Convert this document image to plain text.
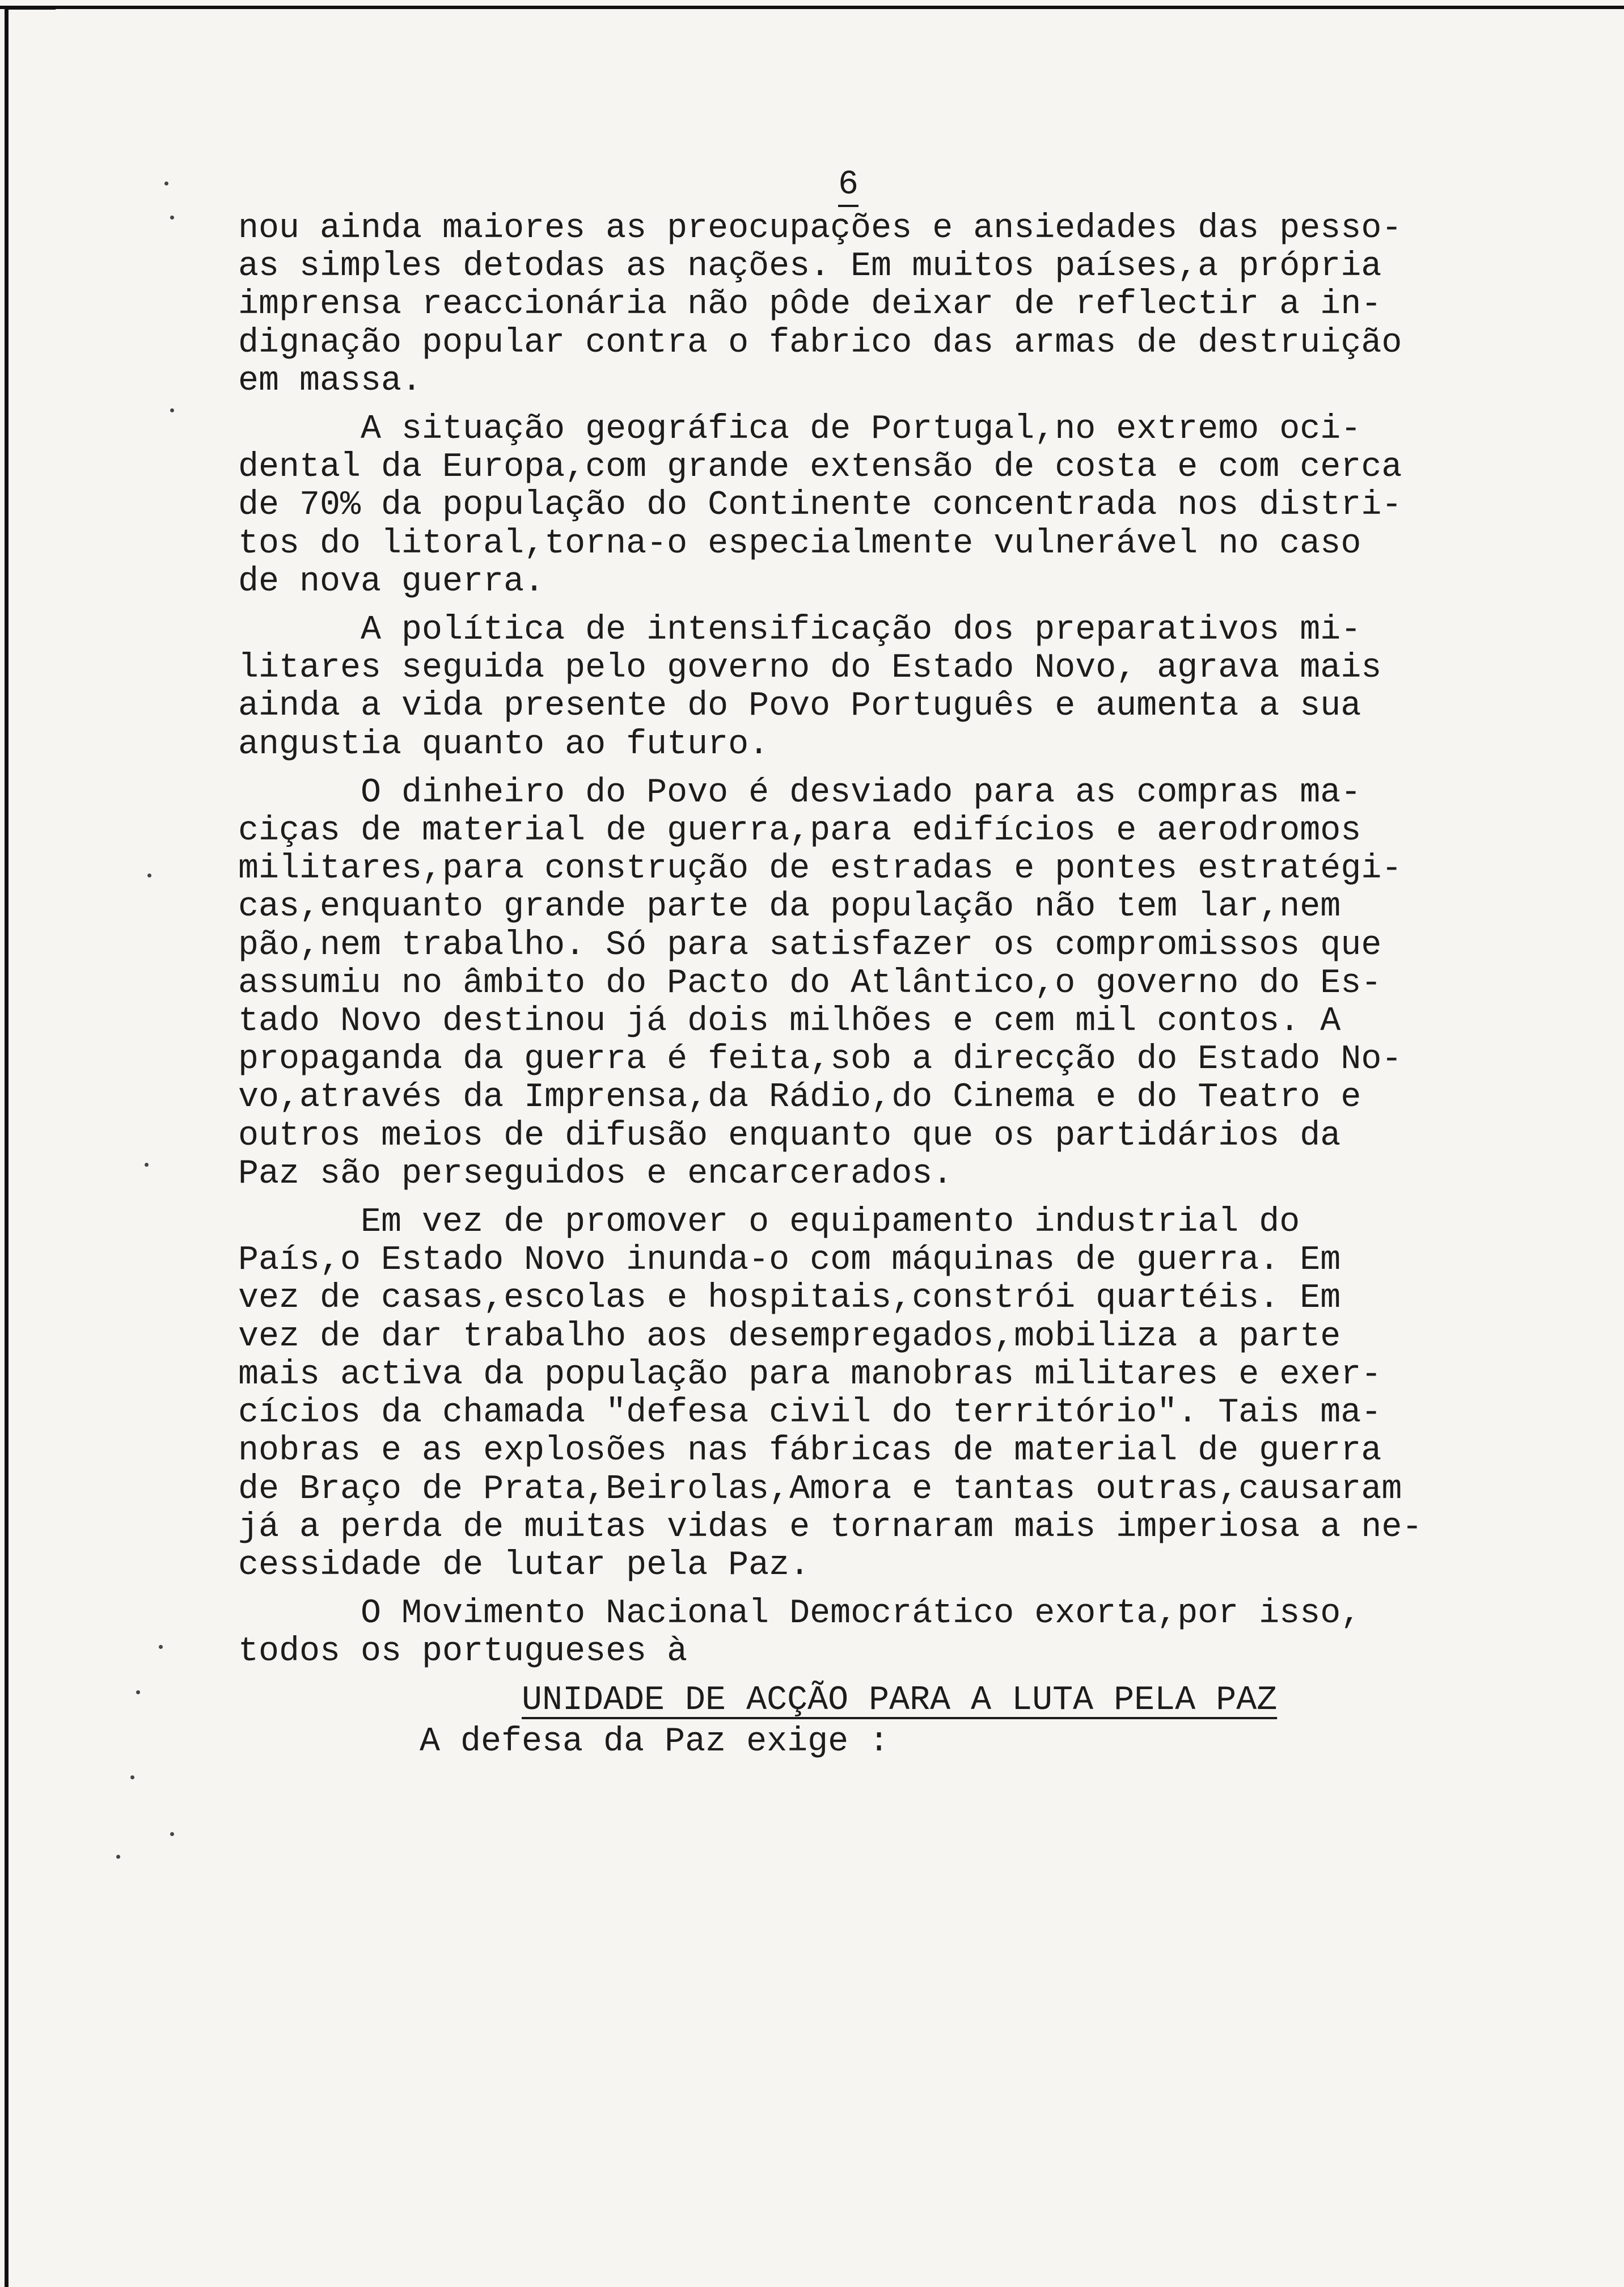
6
nou ainda maiores as preocupações e ansiedades das pesso-
as simples detodas as nações. Em muitos países,a própria
imprensa reaccionária não pôde deixar de reflectir a in-
dignação popular contra o fabrico das armas de destruição
em massa.
A situação geográfica de Portugal,no extremo oci-
dental da Europa,com grande extensão de costa e com cerca
de 70% da população do Continente concentrada nos distri-
tos do litoral,torna-o especialmente vulnerável no caso
de nova guerra.
A política de intensificação dos preparativos mi-
litares seguida pelo governo do Estado Novo, agrava mais
ainda a vida presente do Povo Português e aumenta a sua
angustia quanto ao futuro.
O dinheiro do Povo é desviado para as compras ma-
ciças de material de guerra,para edifícios e aerodromos
militares,para construção de estradas e pontes estratégi-
cas,enquanto grande parte da população não tem lar,nem
pão,nem trabalho. Só para satisfazer os compromissos que
assumiu no âmbito do Pacto do Atlântico,o governo do Es-
tado Novo destinou já dois milhões e cem mil contos. A
propaganda da guerra é feita,sob a direcção do Estado No-
vo,através da Imprensa,da Rádio,do Cinema e do Teatro e
outros meios de difusão enquanto que os partidários da
Paz são perseguidos e encarcerados.
Em vez de promover o equipamento industrial do
País,o Estado Novo inunda-o com máquinas de guerra. Em
vez de casas,escolas e hospitais,constrói quartéis. Em
vez de dar trabalho aos desempregados,mobiliza a parte
mais activa da população para manobras militares e exer-
cícios da chamada "defesa civil do território". Tais ma-
nobras e as explosões nas fábricas de material de guerra
de Braço de Prata,Beirolas,Amora e tantas outras,causaram
já a perda de muitas vidas e tornaram mais imperiosa a ne-
cessidade de lutar pela Paz.
O Movimento Nacional Democrático exorta,por isso,
todos os portugueses à
UNIDADE DE ACÇÃO PARA A LUTA PELA PAZ
A defesa da Paz exige :
